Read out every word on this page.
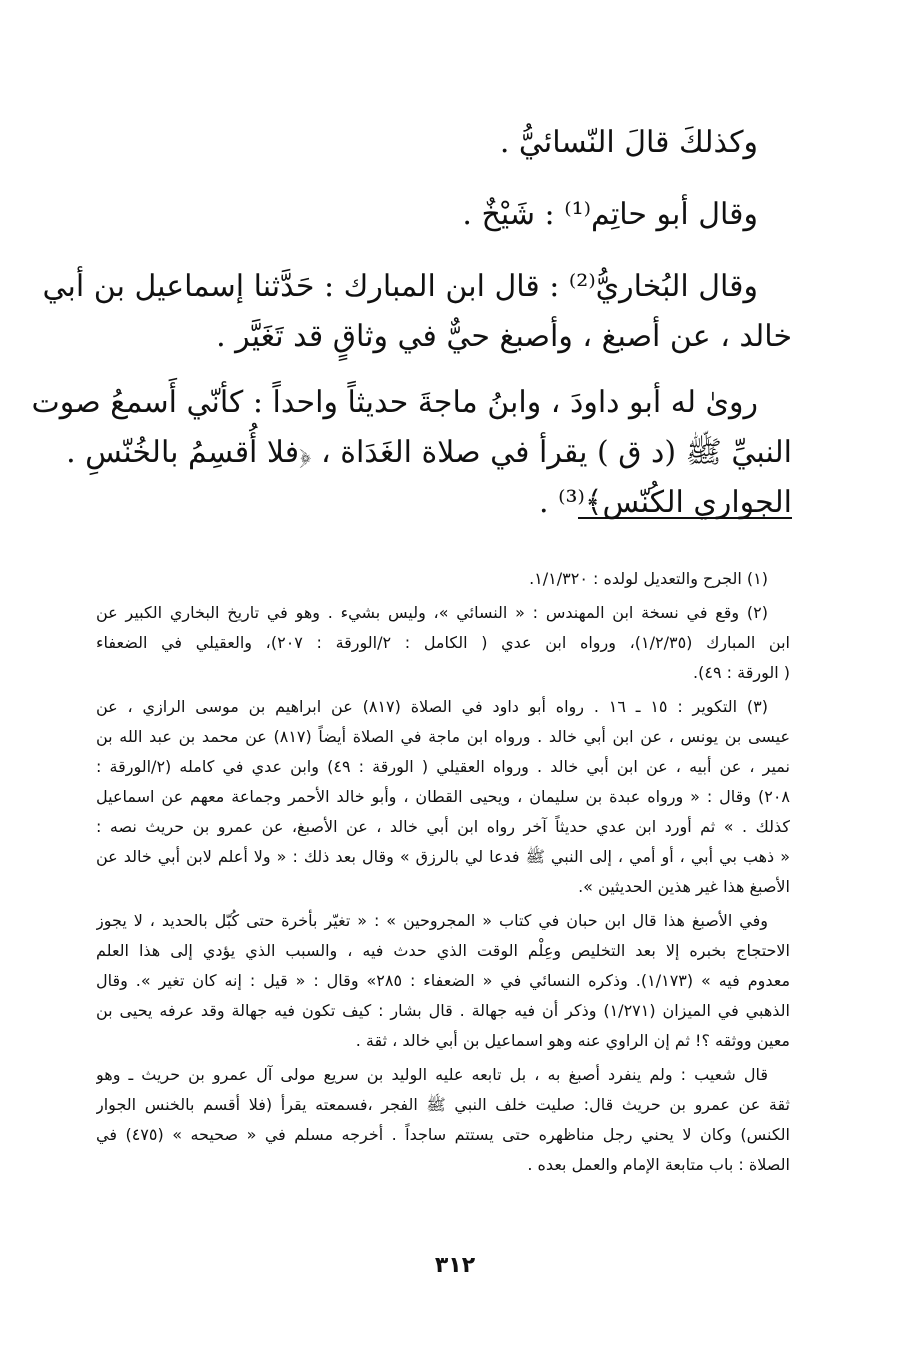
وكذلكَ قالَ النّسائيُّ .
وقال أبو حاتِم⁽¹⁾ : شَيْخٌ .
وقال البُخاريُّ⁽²⁾ : قال ابن المبارك : حَدَّثنا إسماعيل بن أبي
خالد ، عن أصبغ ، وأصبغ حيٌّ في وثاقٍ قد تَغَيَّر .
روىٰ له أبو داودَ ، وابنُ ماجةَ حديثاً واحداً : كأنّي أَسمعُ صوت
النبيِّ ﷺ (د ق ) يقرأ في صلاة الغَدَاة ، ﴿فلا أُقسِمُ بالخُنّسِ .
الجواري الكُنّس﴾⁽³⁾ .
(١) الجرح والتعديل لولده : ١/١/٣٢٠.
(٢) وقع في نسخة ابن المهندس : « النسائي »، وليس بشيء . وهو في تاريخ البخاري الكبير عن
ابن المبارك (١/٢/٣٥)، ورواه ابن عدي ( الكامل : ٢/الورقة : ٢٠٧)، والعقيلي في الضعفاء
( الورقة : ٤٩).
(٣) التكوير : ١٥ ـ ١٦ . رواه أبو داود في الصلاة (٨١٧) عن ابراهيم بن موسى الرازي ، عن
عيسى بن يونس ، عن ابن أبي خالد . ورواه ابن ماجة في الصلاة أيضاً (٨١٧) عن محمد بن عبد الله بن
نمير ، عن أبيه ، عن ابن أبي خالد . ورواه العقيلي ( الورقة : ٤٩) وابن عدي في كامله (٢/الورقة :
٢٠٨) وقال : « ورواه عبدة بن سليمان ، ويحيى القطان ، وأبو خالد الأحمر وجماعة معهم عن اسماعيل
كذلك . » ثم أورد ابن عدي حديثاً آخر رواه ابن أبي خالد ، عن الأصبغ، عن عمرو بن حريث نصه :
« ذهب بي أبي ، أو أمي ، إلى النبي ﷺ فدعا لي بالرزق » وقال بعد ذلك : « ولا أعلم لابن أبي خالد عن
الأصبغ هذا غير هذين الحديثين ».
وفي الأصبغ هذا قال ابن حبان في كتاب « المجروحين » : « تغيّر بأخرة حتى كُبّل بالحديد ، لا يجوز
الاحتجاج بخبره إلا بعد التخليص وعِلْم الوقت الذي حدث فيه ، والسبب الذي يؤدي إلى هذا العلم
معدوم فيه » (١/١٧٣). وذكره النسائي في « الضعفاء : ٢٨٥» وقال : « قيل : إنه كان تغير ». وقال
الذهبي في الميزان (١/٢٧١) وذكر أن فيه جهالة . قال بشار : كيف تكون فيه جهالة وقد عرفه يحيى بن
معين ووثقه ؟! ثم إن الراوي عنه وهو اسماعيل بن أبي خالد ، ثقة .
قال شعيب : ولم ينفرد أصبغ به ، بل تابعه عليه الوليد بن سريع مولى آل عمرو بن حريث ـ وهو
ثقة عن عمرو بن حريث قال: صليت خلف النبي ﷺ الفجر ،فسمعته يقرأ (فلا أقسم بالخنس الجوار
الكنس) وكان لا يحني رجل مناظهره حتى يستتم ساجداً . أخرجه مسلم في « صحيحه » (٤٧٥) في
الصلاة : باب متابعة الإمام والعمل بعده .
٣١٢
